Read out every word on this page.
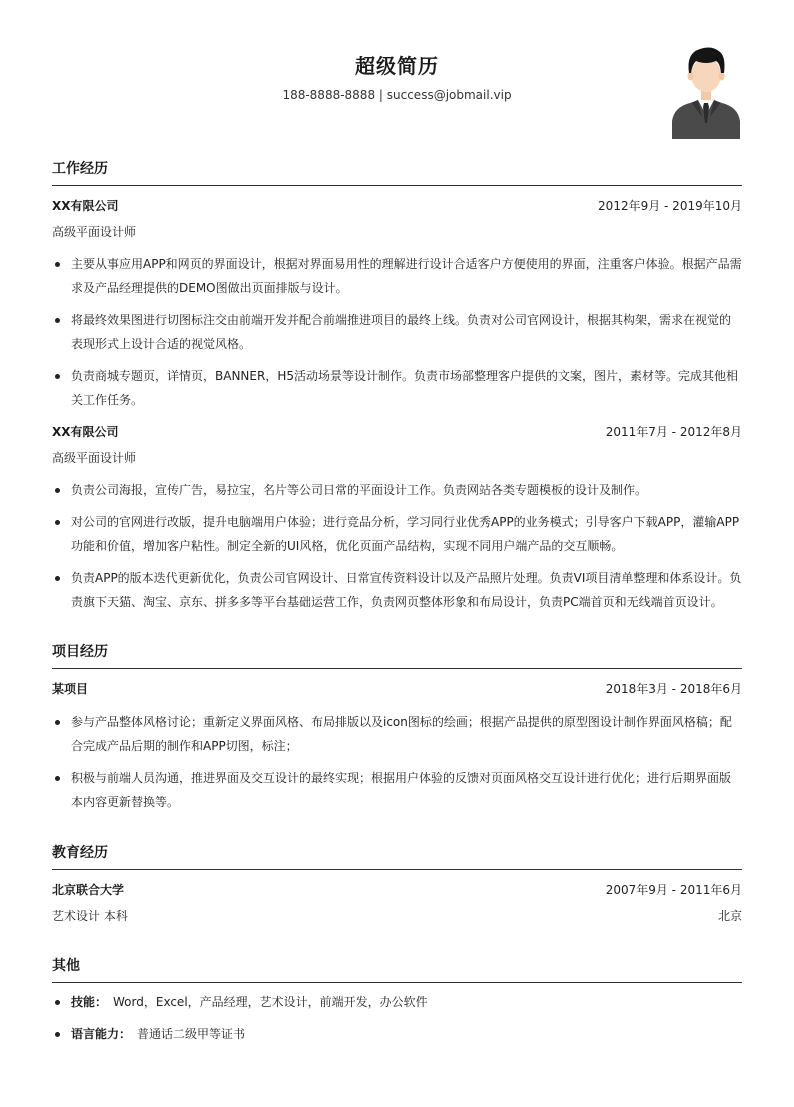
超级简历
188-8888-8888 | success@jobmail.vip
工作经历
XX有限公司	2012年9月 - 2019年10月
高级平面设计师
主要从事应用APP和网页的界面设计，根据对界面易用性的理解进行设计合适客户方便使用的界面，注重客户体验。根据产品需求及产品经理提供的DEMO图做出页面排版与设计。
将最终效果图进行切图标注交由前端开发并配合前端推进项目的最终上线。负责对公司官网设计，根据其构架，需求在视觉的表现形式上设计合适的视觉风格。
负责商城专题页，详情页，BANNER，H5活动场景等设计制作。负责市场部整理客户提供的文案，图片，素材等。完成其他相关工作任务。
XX有限公司	2011年7月 - 2012年8月
高级平面设计师
负责公司海报，宣传广告，易拉宝，名片等公司日常的平面设计工作。负责网站各类专题模板的设计及制作。
对公司的官网进行改版，提升电脑端用户体验；进行竞品分析，学习同行业优秀APP的业务模式；引导客户下载APP，灌输APP功能和价值，增加客户粘性。制定全新的UI风格，优化页面产品结构，实现不同用户端产品的交互顺畅。
负责APP的版本迭代更新优化，负责公司官网设计、日常宣传资料设计以及产品照片处理。负责VI项目清单整理和体系设计。负责旗下天猫、淘宝、京东、拼多多等平台基础运营工作，负责网页整体形象和布局设计，负责PC端首页和无线端首页设计。
项目经历
某项目	2018年3月 - 2018年6月
参与产品整体风格讨论；重新定义界面风格、布局排版以及icon图标的绘画；根据产品提供的原型图设计制作界面风格稿；配合完成产品后期的制作和APP切图，标注；
积极与前端人员沟通，推进界面及交互设计的最终实现；根据用户体验的反馈对页面风格交互设计进行优化；进行后期界面版本内容更新替换等。
教育经历
北京联合大学	2007年9月 - 2011年6月
艺术设计 本科	北京
其他
技能： Word，Excel，产品经理，艺术设计，前端开发，办公软件
语言能力： 普通话二级甲等证书
